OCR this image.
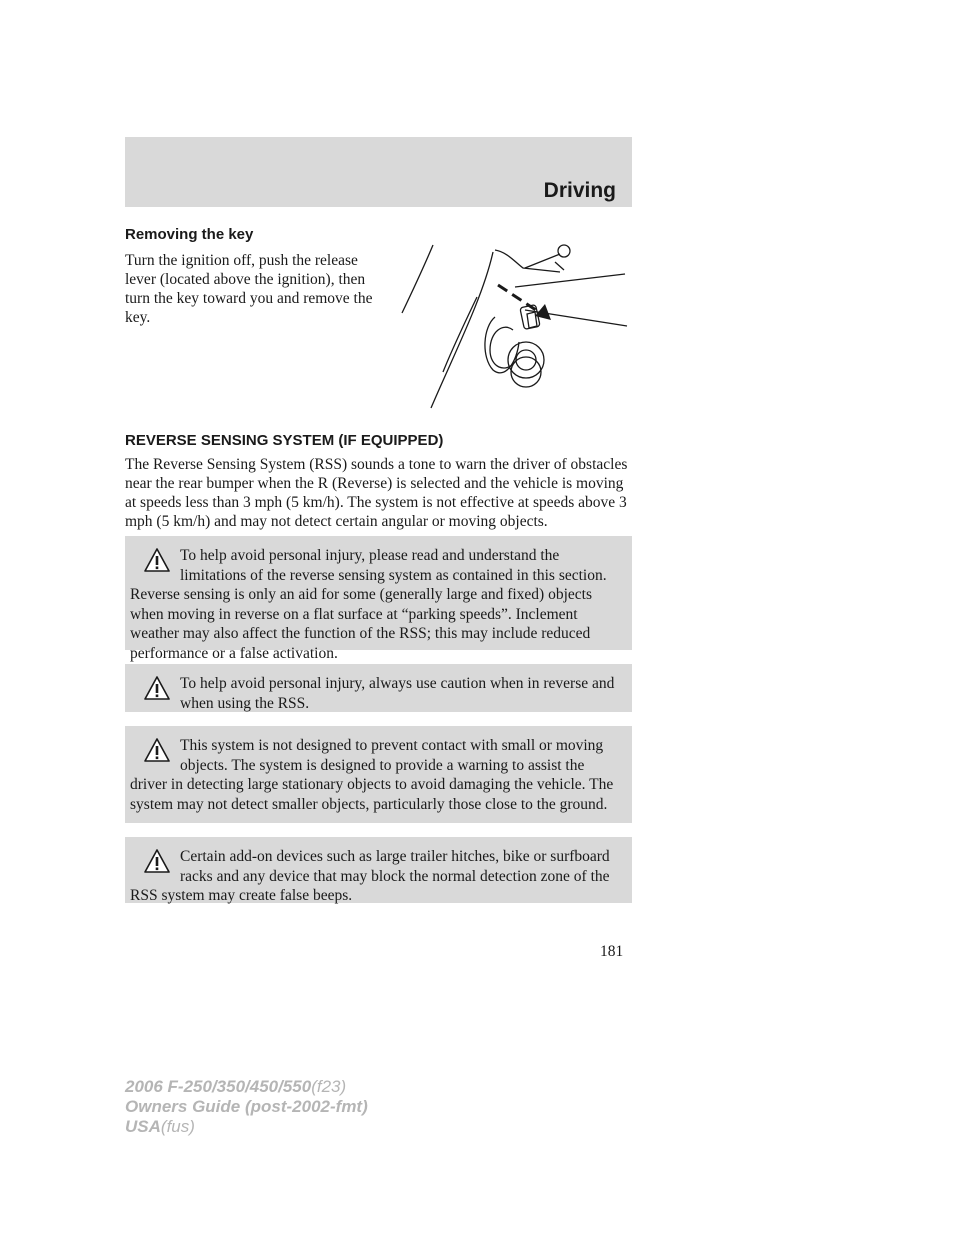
Driving
Removing the key

Turn the ignition off, push the release lever (located above the ignition), then turn the key toward you and remove the key.

REVERSE SENSING SYSTEM (IF EQUIPPED)

The Reverse Sensing System (RSS) sounds a tone to warn the driver of obstacles near the rear bumper when the R (Reverse) is selected and the vehicle is moving at speeds less than 3 mph (5 km/h). The system is not effective at speeds above 3 mph (5 km/h) and may not detect certain angular or moving objects.

To help avoid personal injury, please read and understand the limitations of the reverse sensing system as contained in this section. Reverse sensing is only an aid for some (generally large and fixed) objects when moving in reverse on a flat surface at “parking speeds”. Inclement weather may also affect the function of the RSS; this may include reduced performance or a false activation.

To help avoid personal injury, always use caution when in reverse and when using the RSS.

This system is not designed to prevent contact with small or moving objects. The system is designed to provide a warning to assist the driver in detecting large stationary objects to avoid damaging the vehicle. The system may not detect smaller objects, particularly those close to the ground.

Certain add-on devices such as large trailer hitches, bike or surfboard racks and any device that may block the normal detection zone of the RSS system may create false beeps.

181
2006 F-250/350/450/550(f23)
Owners Guide (post-2002-fmt)
USA(fus)
